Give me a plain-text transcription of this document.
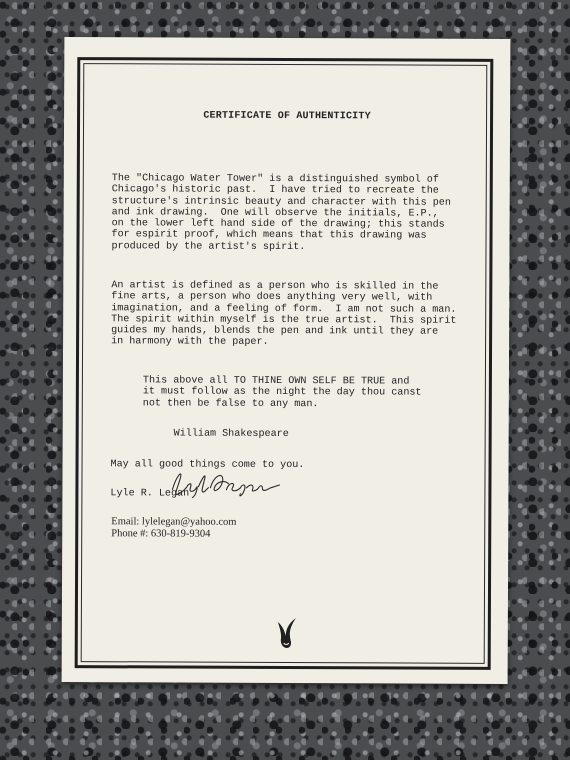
CERTIFICATE OF AUTHENTICITY

The "Chicago Water Tower" is a distinguished symbol of
Chicago's historic past.  I have tried to recreate the
structure's intrinsic beauty and character with this pen
and ink drawing.  One will observe the initials, E.P.,
on the lower left hand side of the drawing; this stands
for espirit proof, which means that this drawing was
produced by the artist's spirit.

An artist is defined as a person who is skilled in the
fine arts, a person who does anything very well, with
imagination, and a feeling of form.  I am not such a man.
The spirit within myself is the true artist.  This spirit
guides my hands, blends the pen and ink until they are
in harmony with the paper.

This above all TO THINE OWN SELF BE TRUE and
it must follow as the night the day thou canst
not then be false to any man.

William Shakespeare

May all good things come to you.

Lyle R. Legan

Email: lylelegan@yahoo.com
Phone #: 630-819-9304
